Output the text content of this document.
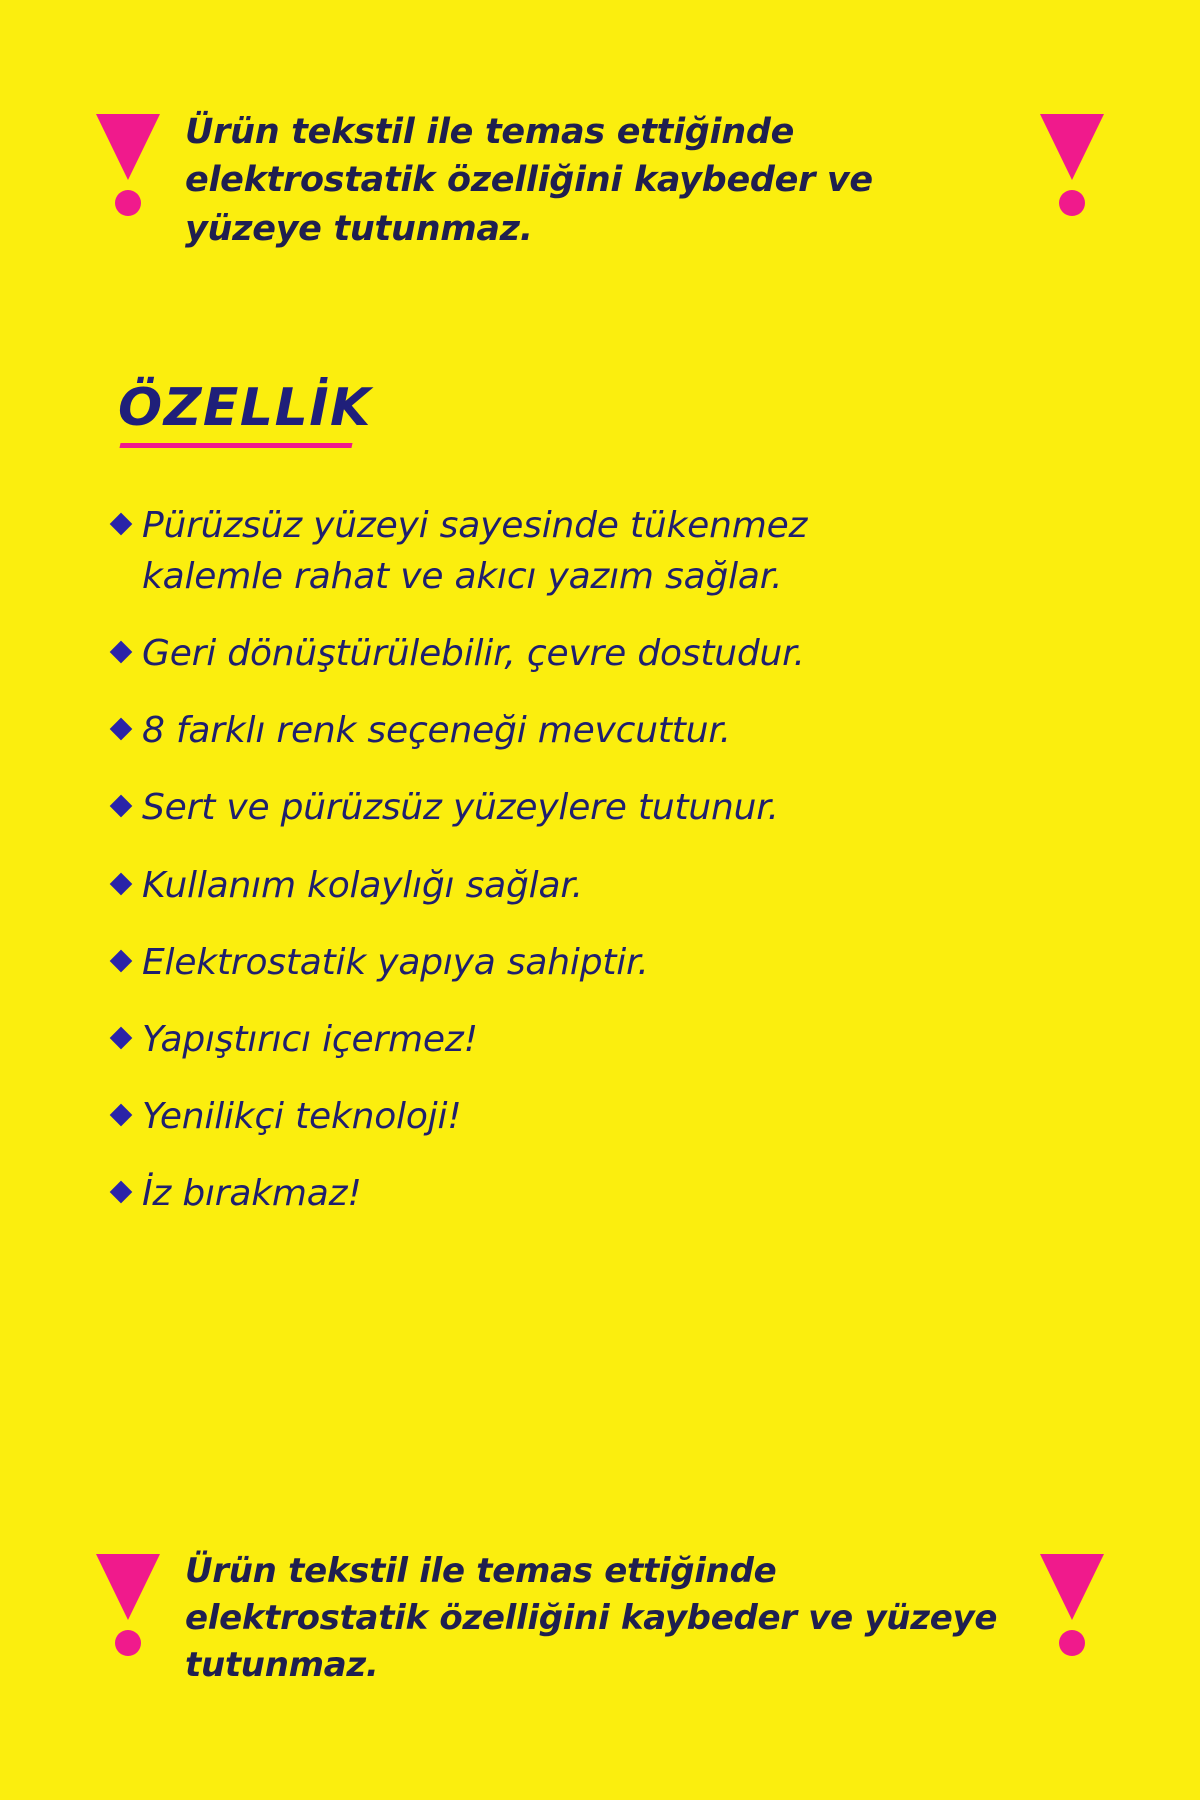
Ürün tekstil ile temas ettiğinde elektrostatik özelliğini kaybeder ve yüzeye tutunmaz.
ÖZELLİK
Pürüzsüz yüzeyi sayesinde tükenmez kalemle rahat ve akıcı yazım sağlar.
Geri dönüştürülebilir, çevre dostudur.
8 farklı renk seçeneği mevcuttur.
Sert ve pürüzsüz yüzeylere tutunur.
Kullanım kolaylığı sağlar.
Elektrostatik yapıya sahiptir.
Yapıştırıcı içermez!
Yenilikçi teknoloji!
İz bırakmaz!
Ürün tekstil ile temas ettiğinde elektrostatik özelliğini kaybeder ve yüzeye tutunmaz.
